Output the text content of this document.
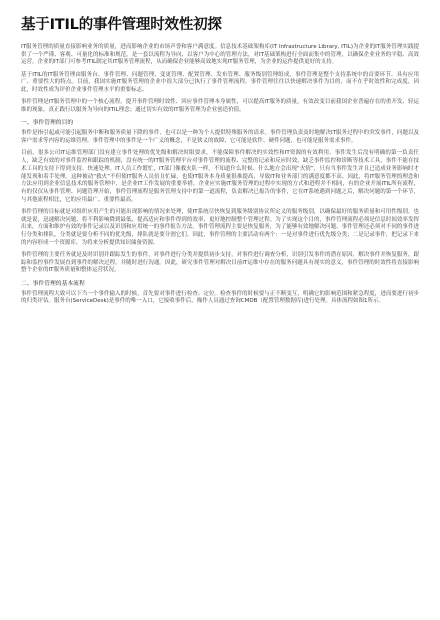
基于ITIL的事件管理时效性初探
IT服务管理的质量直接影响业务的质量，进而影响企业的市场声誉和客户满意度。信息技术基础架构库(IT Infrastructure Library, ITIL)为企业的IT服务管理实践提供了一个严谨、客观、可量化的标准和规范，是一套以流程为导向、以客户为中心的管理方法，对IT基础架构进行全面而集中的管理，以确保企业业务的平稳、高效运营。企业的IT部门可参考ITIL制定其IT服务管理流程，从而确保企业能够高效地实现IT服务管理，为企业的运作提供更好的支持。
基于ITIL的IT服务管理由服务台、事件管理、问题管理、变更管理、配置管理、发布管理、服务级别管理组成，事件管理是整个支持系统中的首要环节，具有应用广、重要性大的特点。目前，我国实施IT服务管理的企业中很大部分已执行了事件管理流程。事件管理往往以快速解决事件为目的，而不在乎时效性和完成度，因此，时效性成为评价企业事件管理水平的重要标志。
事件管理是IT服务管理中的一个核心流程，提升事件管理时效性、回应事件管理本身属性，可以提高IT服务的质量，有效改变目前我国企业普遍存在的重开发、轻运维的现象，真正践行以服务为导向的ITIL理念；通过切实有效的IT服务管理为企业创造价值。
一、事件管理的目的
事件是指引起或可能引起服务中断和服务质量下降的事件，也可以是一种为个人提供特殊服务的请求。事件管理负责及时地解决IT服务过程中的突发事件，问题以及客户需求等内容的运维管理。事件管理中的事件是一个广义的概念，不是狭义的故障，它可能是软件、硬件问题，也可能是服务需求事件。
目前，很多公司IT运维管理部门没有建立事件处理的优先级和解决时限要求，不能保障事件解决的实效性和IT资源的有效利用，事件发生后没有明确的第一负责任人，缺乏有效的对事件监控和跟踪的机制，没有统一的IT服务管理平台对事件管理的流程、完整的记录和反应时效，缺乏事件监控和诊断等技术工具，事件不能在技术工具的支持下得到支持、快速处理。IT人员工作繁忙，IT部门像救火队一样，不知道什么时候、什么地方会出现“火情”，只有当事件发生并且已造成业务影响时才能发现和着手处理。这种被动“救火”不但使IT服务人员倍且忙碌，也使IT服务本身质量很难提高，导致IT和业务部门的满意度都不高。因此，将IT服务管理的理念和方法应用到企业信息技术的服务管理中，是企业IT工作发展的重要举措。企业应实施IT服务管理的过程中实现的方式和进程并不相同，有的企业开展ITIL所有流程，有的仅仅从事件管理、问题管理开始，事件管理流程是服务管理支持中的第一道流程，负责解决已报告的事件，它在IT系统遇到问题之后，解决问题的第一个环节，与其他流程相比，它的应用最广、重要性最高。
事件管理的目标就是对组织应用产生的可能出现影响的情况来处理，使IT系统尽快恢复到服务级别协议所定义的服务级别，以确保最好的服务质量和可用性级别。也就是说，迅速解决问题，将不利影响降到最低，提高适应和事件得到的效率，更好地控制整个管理过程。为了实现这个目的，事件管理流程必须是信息时间效率发挥出来，方面和维护有效的事件记录以及识别和应用统一的事件报告方法。事件管理流程主要是恢复服务，为了能够有效地解决问题，事件管理还必须对不同的事件进行分类和排队，分类就是要分析不同的优先级，排队就是要分割它们。因此，事件管理的主要活动有两个：一是对事件进行优先级分类；二是记录事件，把记录下来的内容形成一个资源库，为将来分析提供知识储备资源。
事件管理的主要任务就是及时识别并跟踪发生的事件，对事件进行分类并提供初步支持，对事件进行调查分析，识别引发事件的潜在原因，解决事件并恢复服务，跟踪和监控事件发展直到事件的解决过程，并随时进行沟通。因此，研究事件管理对解决目前IT运维中存在的服务问题具有现实的意义，事件管理的时效性将直接影响整个企业的IT服务质量和整体运营状况。
二、事件管理的基本流程
事件管理流程大致可以下当一个事件输入的时候，首先要对事件进行检查、定位。检查事件的时候要与正不断变互，明确它的影响范围和紧急程度，进而要进行初步的归类评估。服务台(ServiceDesk)是事件的唯一入口，它接收事件后，操作人员通过查询CMDB（配置管理数据库)进行处理。具体流程如图1所示。
